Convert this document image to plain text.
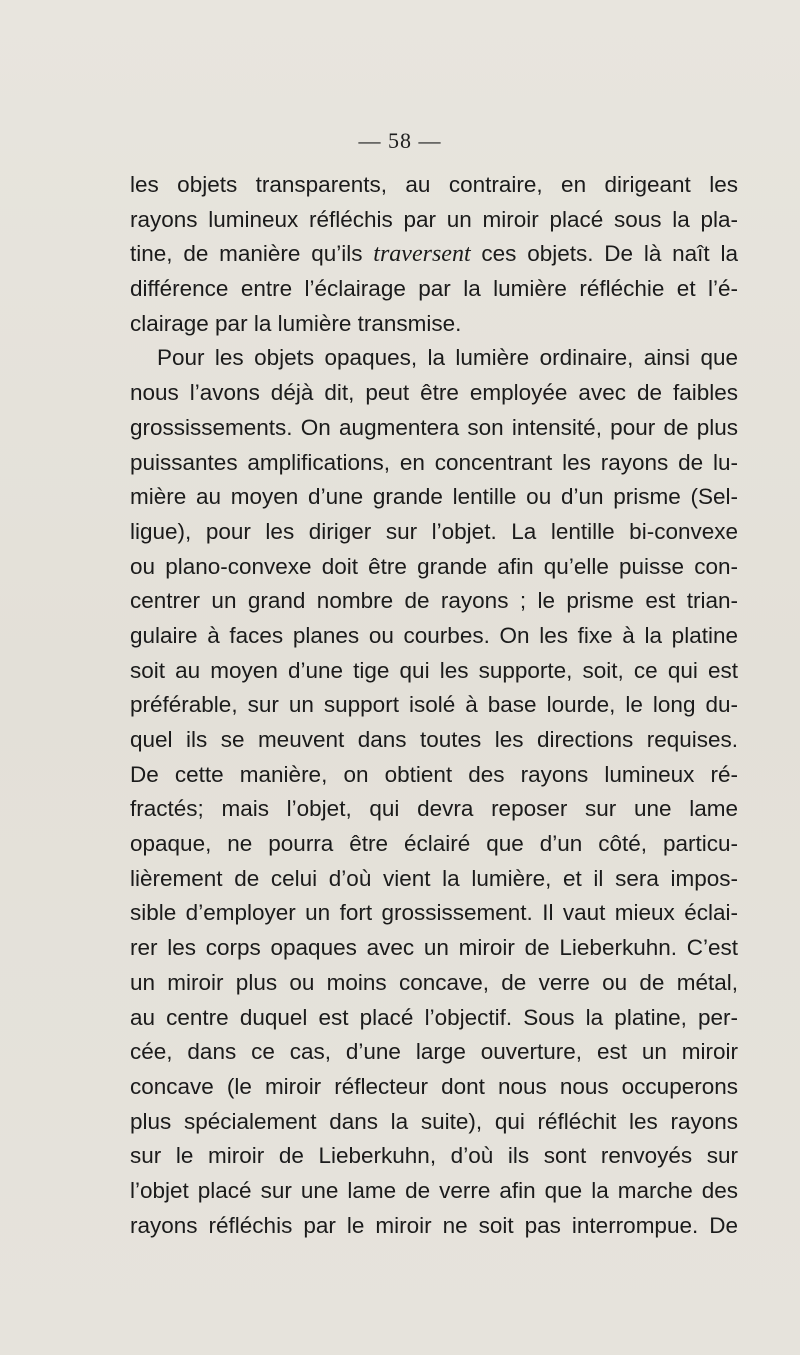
— 58 —
les objets transparents, au contraire, en dirigeant les
rayons lumineux réfléchis par un miroir placé sous la pla-
tine, de manière qu’ils traversent ces objets. De là naît la
différence entre l’éclairage par la lumière réfléchie et l’é-
clairage par la lumière transmise.
Pour les objets opaques, la lumière ordinaire, ainsi que
nous l’avons déjà dit, peut être employée avec de faibles
grossissements. On augmentera son intensité, pour de plus
puissantes amplifications, en concentrant les rayons de lu-
mière au moyen d’une grande lentille ou d’un prisme (Sel-
ligue), pour les diriger sur l’objet. La lentille bi-convexe
ou plano-convexe doit être grande afin qu’elle puisse con-
centrer un grand nombre de rayons ; le prisme est trian-
gulaire à faces planes ou courbes. On les fixe à la platine
soit au moyen d’une tige qui les supporte, soit, ce qui est
préférable, sur un support isolé à base lourde, le long du-
quel ils se meuvent dans toutes les directions requises.
De cette manière, on obtient des rayons lumineux ré-
fractés; mais l’objet, qui devra reposer sur une lame
opaque, ne pourra être éclairé que d’un côté, particu-
lièrement de celui d’où vient la lumière, et il sera impos-
sible d’employer un fort grossissement. Il vaut mieux éclai-
rer les corps opaques avec un miroir de Lieberkuhn. C’est
un miroir plus ou moins concave, de verre ou de métal,
au centre duquel est placé l’objectif. Sous la platine, per-
cée, dans ce cas, d’une large ouverture, est un miroir
concave (le miroir réflecteur dont nous nous occuperons
plus spécialement dans la suite), qui réfléchit les rayons
sur le miroir de Lieberkuhn, d’où ils sont renvoyés sur
l’objet placé sur une lame de verre afin que la marche des
rayons réfléchis par le miroir ne soit pas interrompue. De
